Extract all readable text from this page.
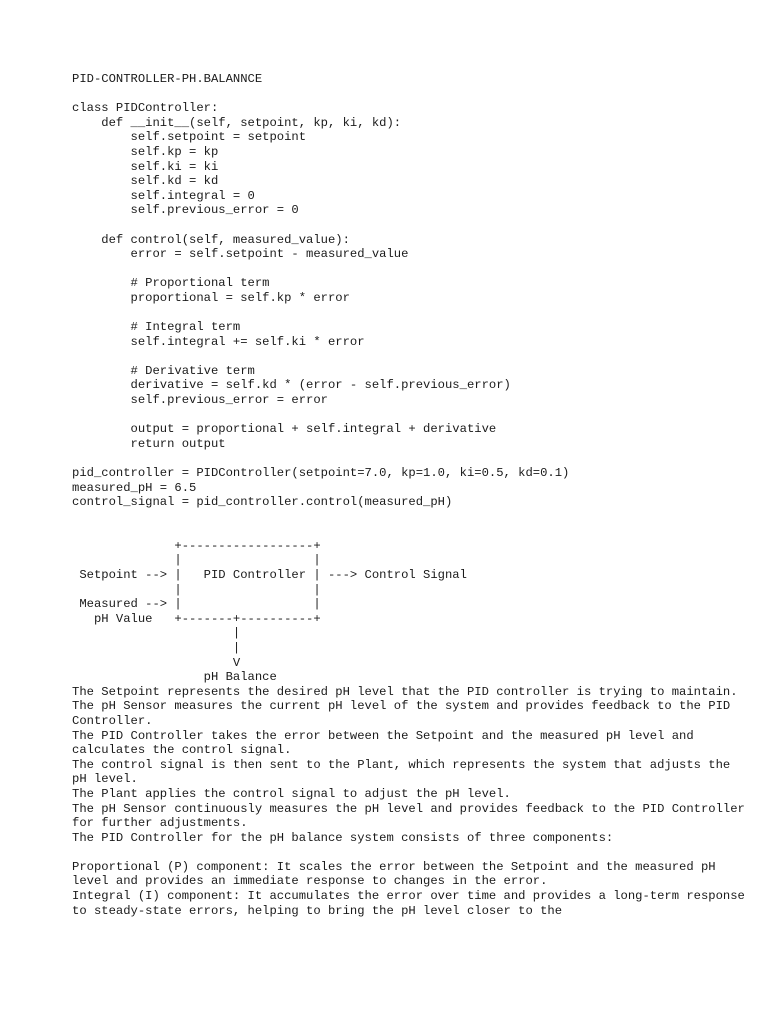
PID-CONTROLLER-PH.BALANNCE
class PIDController:
def __init__(self, setpoint, kp, ki, kd):
self.setpoint = setpoint
self.kp = kp
self.ki = ki
self.kd = kd
self.integral = 0
self.previous_error = 0

def control(self, measured_value):
error = self.setpoint - measured_value

# Proportional term
proportional = self.kp * error

# Integral term
self.integral += self.ki * error

# Derivative term
derivative = self.kd * (error - self.previous_error)
self.previous_error = error

output = proportional + self.integral + derivative
return output
pid_controller = PIDController(setpoint=7.0, kp=1.0, ki=0.5, kd=0.1)
measured_pH = 6.5
control_signal = pid_controller.control(measured_pH)
+------------------+
|                  |
Setpoint --> |   PID Controller | ---> Control Signal
|                  |
Measured --> |                  |
pH Value   +-------+----------+
|
|
V
pH Balance

The Setpoint represents the desired pH level that the PID controller is trying to maintain.

The pH Sensor measures the current pH level of the system and provides feedback to the PID Controller.

The PID Controller takes the error between the Setpoint and the measured pH level and calculates the control signal.

The control signal is then sent to the Plant, which represents the system that adjusts the pH level.

The Plant applies the control signal to adjust the pH level.

The pH Sensor continuously measures the pH level and provides feedback to the PID Controller for further adjustments.

The PID Controller for the pH balance system consists of three components:

Proportional (P) component: It scales the error between the Setpoint and the measured pH level and provides an immediate response to changes in the error.

Integral (I) component: It accumulates the error over time and provides a long-term response to steady-state errors, helping to bring the pH level closer to the
